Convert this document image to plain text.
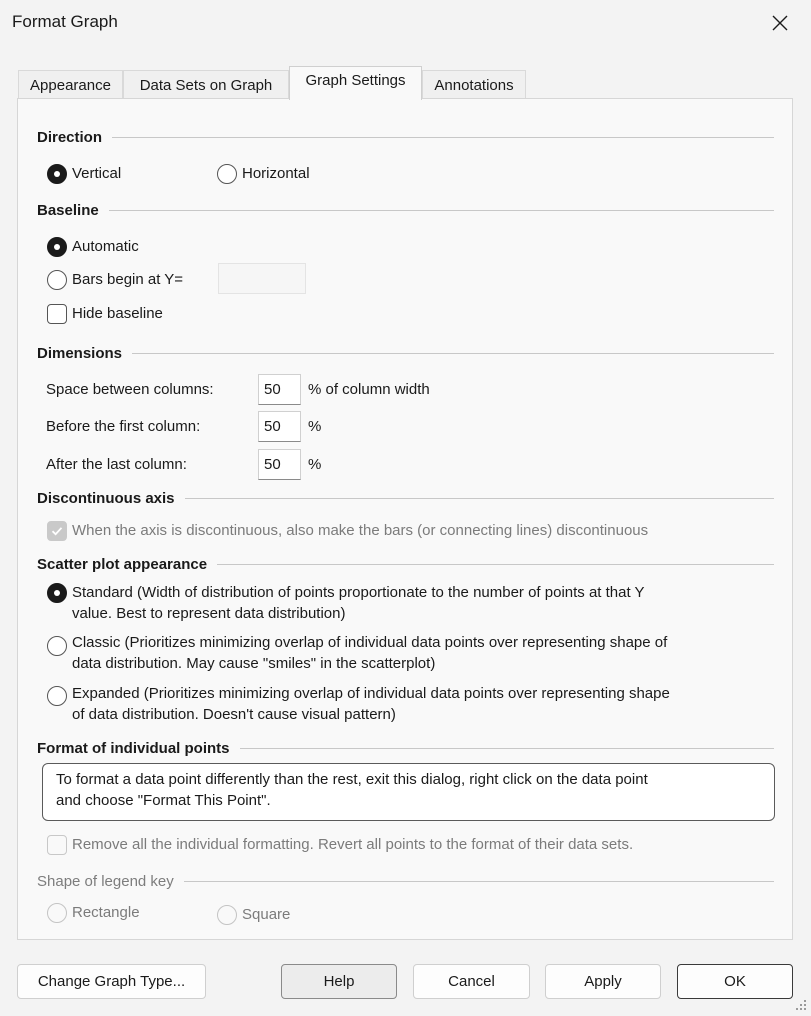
Format Graph
Appearance	Data Sets on Graph	Graph Settings	Annotations
Direction
Vertical	Horizontal
Baseline
Automatic
Bars begin at Y=
Hide baseline
Dimensions
Space between columns:	50	% of column width
Before the first column:	50	%
After the last column:	50	%
Discontinuous axis
When the axis is discontinuous, also make the bars (or connecting lines) discontinuous
Scatter plot appearance
Standard (Width of distribution of points proportionate to the number of points at that Y
value. Best to represent data distribution)
Classic (Prioritizes minimizing overlap of individual data points over representing shape of
data distribution. May cause "smiles" in the scatterplot)
Expanded (Prioritizes minimizing overlap of individual data points over representing shape
of data distribution. Doesn't cause visual pattern)
Format of individual points
To format a data point differently than the rest, exit this dialog, right click on the data point
and choose "Format This Point".
Remove all the individual formatting. Revert all points to the format of their data sets.
Shape of legend key
Rectangle	Square
Change Graph Type...	Help	Cancel	Apply	OK
